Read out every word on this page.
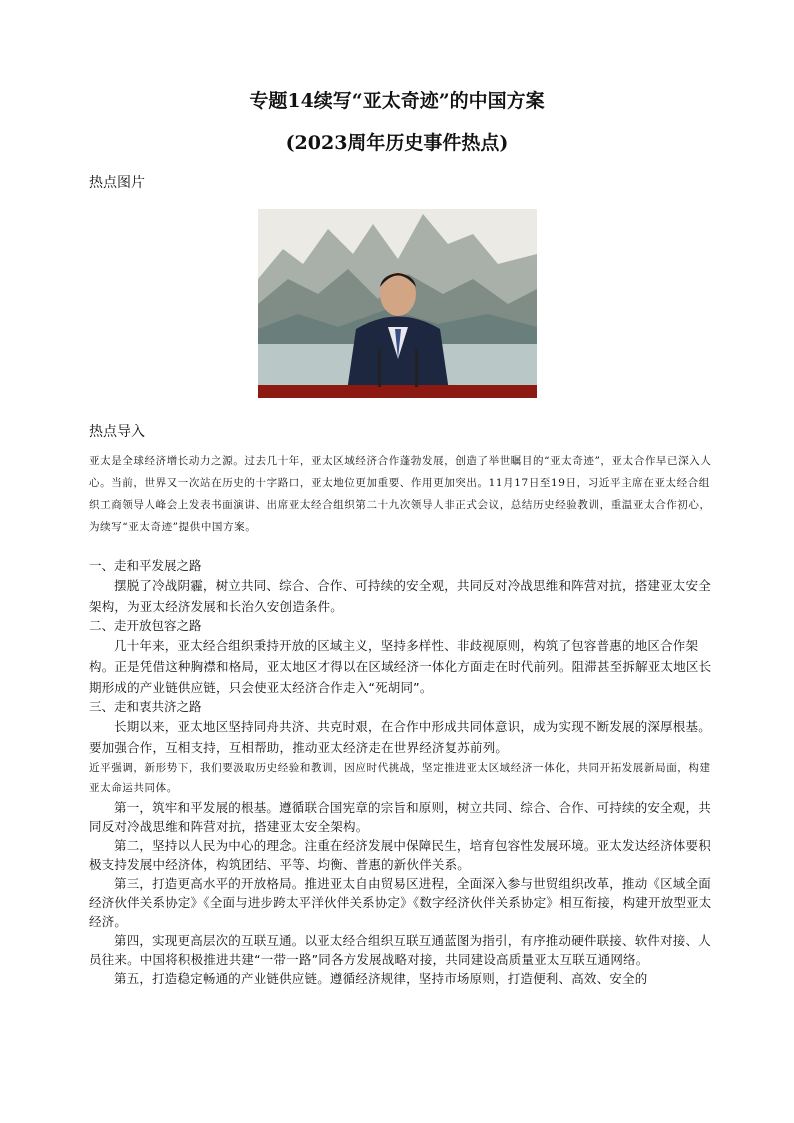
专题14续写“亚太奇迹”的中国方案
(2023周年历史事件热点)
热点图片
热点导入

亚太是全球经济增长动力之源。过去几十年，亚太区域经济合作蓬勃发展，创造了举世瞩目的“亚太奇迹”，亚太合作早已深入人心。当前，世界又一次站在历史的十字路口，亚太地位更加重要、作用更加突出。11月17日至19日，习近平主席在亚太经合组织工商领导人峰会上发表书面演讲、出席亚太经合组织第二十九次领导人非正式会议，总结历史经验教训，重温亚太合作初心，为续写“亚太奇迹”提供中国方案。

一、走和平发展之路

摆脱了冷战阴霾，树立共同、综合、合作、可持续的安全观，共同反对冷战思维和阵营对抗，搭建亚太安全架构，为亚太经济发展和长治久安创造条件。

二、走开放包容之路

几十年来，亚太经合组织秉持开放的区域主义，坚持多样性、非歧视原则，构筑了包容普惠的地区合作架构。正是凭借这种胸襟和格局，亚太地区才得以在区域经济一体化方面走在时代前列。阻滞甚至拆解亚太地区长期形成的产业链供应链，只会使亚太经济合作走入“死胡同”。

三、走和衷共济之路

长期以来，亚太地区坚持同舟共济、共克时艰，在合作中形成共同体意识，成为实现不断发展的深厚根基。要加强合作，互相支持，互相帮助，推动亚太经济走在世界经济复苏前列。

近平强调，新形势下，我们要汲取历史经验和教训，因应时代挑战，坚定推进亚太区域经济一体化，共同开拓发展新局面，构建亚太命运共同体。

第一，筑牢和平发展的根基。遵循联合国宪章的宗旨和原则，树立共同、综合、合作、可持续的安全观，共同反对冷战思维和阵营对抗，搭建亚太安全架构。

第二，坚持以人民为中心的理念。注重在经济发展中保障民生，培育包容性发展环境。亚太发达经济体要积极支持发展中经济体，构筑团结、平等、均衡、普惠的新伙伴关系。

第三，打造更高水平的开放格局。推进亚太自由贸易区进程，全面深入参与世贸组织改革，推动《区域全面经济伙伴关系协定》《全面与进步跨太平洋伙伴关系协定》《数字经济伙伴关系协定》相互衔接，构建开放型亚太经济。

第四，实现更高层次的互联互通。以亚太经合组织互联互通蓝图为指引，有序推动硬件联接、软件对接、人员往来。中国将积极推进共建“一带一路”同各方发展战略对接，共同建设高质量亚太互联互通网络。

第五，打造稳定畅通的产业链供应链。遵循经济规律，坚持市场原则，打造便利、高效、安全的
